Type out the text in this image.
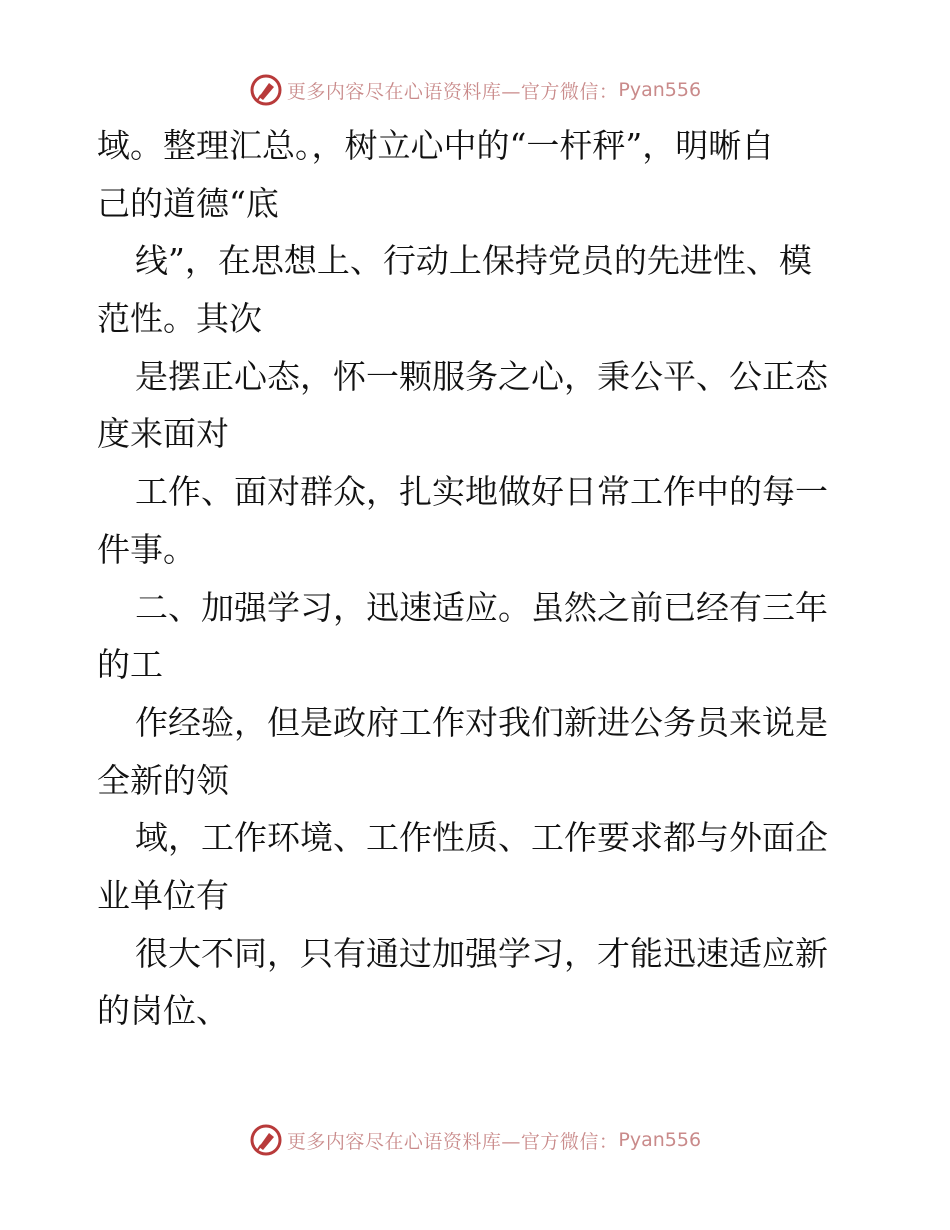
更多内容尽在心语资料库—官方微信： Pyan556
域。整理汇总。，树立心中的“一杆秤”，明晰自
己的道德“底
线”，在思想上、行动上保持党员的先进性、模
范性。其次
是摆正心态，怀一颗服务之心，秉公平、公正态
度来面对
工作、面对群众，扎实地做好日常工作中的每一
件事。
二、加强学习，迅速适应。虽然之前已经有三年
的工
作经验，但是政府工作对我们新进公务员来说是
全新的领
域，工作环境、工作性质、工作要求都与外面企
业单位有
很大不同，只有通过加强学习，才能迅速适应新
的岗位、
更多内容尽在心语资料库—官方微信： Pyan556
